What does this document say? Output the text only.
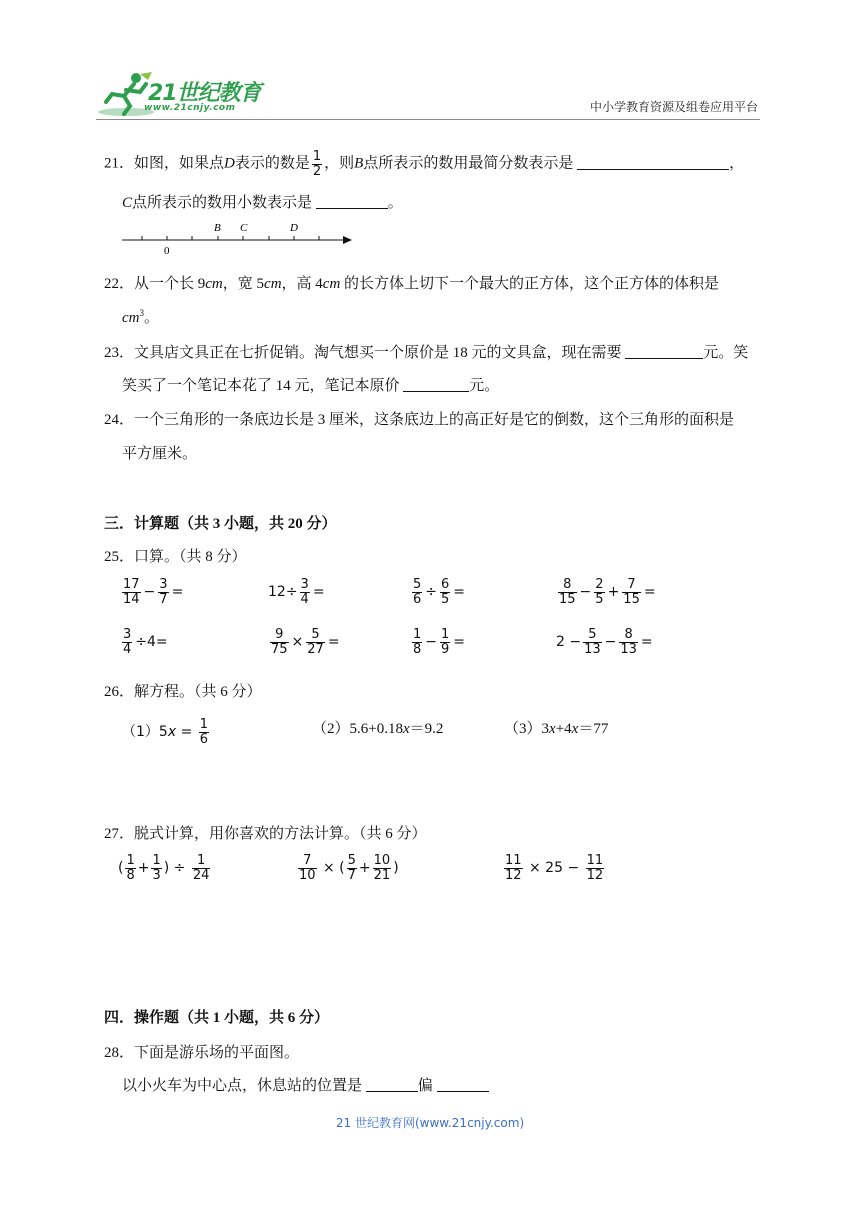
21世纪教育
www.21cnjy.com	中小学教育资源及组卷应用平台
21．如图，如果点D表示的数是 $\frac{1}{2}$ ，则B点所表示的数用最简分数表示是	，
C点所表示的数用小数表示是	。
B C	D
0
22．从一个长 9cm，宽 5cm，高 4cm 的长方体上切下一个最大的正方体，这个正方体的体积是
$cm^3$。
23．文具店文具正在七折促销。淘气想买一个原价是 18 元的文具盒，现在需要	元。笑
笑买了一个笔记本花了 14 元，笔记本原价	元。
24．一个三角形的一条底边长是 3 厘米，这条底边上的高正好是它的倒数，这个三角形的面积是
平方厘米。
三．计算题（共 3 小题，共 20 分）
25．口算。（共 8 分）
$\frac{17}{14} - \frac{3}{7}$ =	$12\div \frac{3}{4}$ =	$\frac{5}{6} \div \frac{6}{5}$ =	$\frac{8}{15} - \frac{2}{5} + \frac{7}{15}$ =
$\frac{3}{4} \div 4=$	$\frac{9}{75} \times \frac{5}{27}$ =	$\frac{1}{8} - \frac{1}{9}$ =	$2 - \frac{5}{13} - \frac{8}{13}$ =
26．解方程。（共 6 分）
$(1)5x = \frac{1}{6}$	（2）5.6+0.18x＝9.2	（3）3x+4x＝77
27．脱式计算，用你喜欢的方法计算。（共 6 分）
( $\frac{1}{8} + \frac{1}{3}$ ) ÷ $\frac{1}{24}$	$\frac{7}{10}$ × ( $\frac{5}{7} + \frac{10}{21}$ )	$\frac{11}{12} \times 25 - \frac{11}{12}$
四．操作题（共 1 小题，共 6 分）
28．下面是游乐场的平面图。
以小火车为中心点，休息站的位置是	偏
21 世纪教育网(www.21cnjy.com)
